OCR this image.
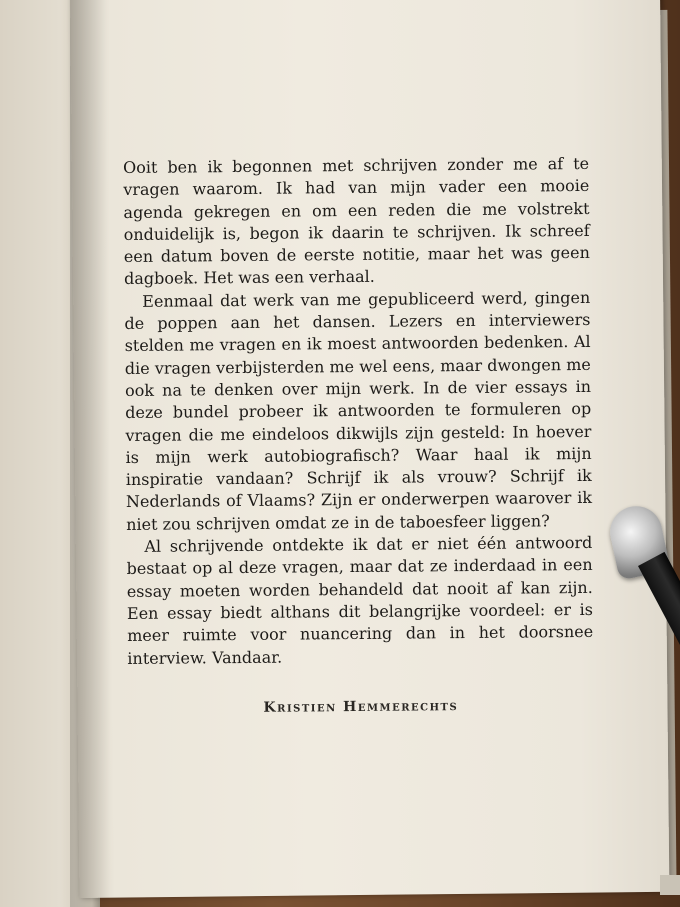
Ooit ben ik begonnen met schrijven zonder me af te vragen waarom. Ik had van mijn vader een mooie agenda gekregen en om een reden die me volstrekt onduidelijk is, begon ik daarin te schrijven. Ik schreef een datum boven de eerste notitie, maar het was geen dagboek. Het was een verhaal.

Eenmaal dat werk van me gepubliceerd werd, gingen de poppen aan het dansen. Lezers en interviewers stelden me vragen en ik moest antwoorden bedenken. Al die vragen verbijsterden me wel eens, maar dwongen me ook na te denken over mijn werk. In de vier essays in deze bundel probeer ik antwoorden te formuleren op vragen die me eindeloos dikwijls zijn gesteld: In hoever is mijn werk autobiografisch? Waar haal ik mijn inspiratie vandaan? Schrijf ik als vrouw? Schrijf ik Nederlands of Vlaams? Zijn er onderwerpen waarover ik niet zou schrijven omdat ze in de taboesfeer liggen?

Al schrijvende ontdekte ik dat er niet één antwoord bestaat op al deze vragen, maar dat ze inderdaad in een essay moeten worden behandeld dat nooit af kan zijn. Een essay biedt althans dit belangrijke voordeel: er is meer ruimte voor nuancering dan in het doorsnee interview. Vandaar.

Kristien Hemmerechts
